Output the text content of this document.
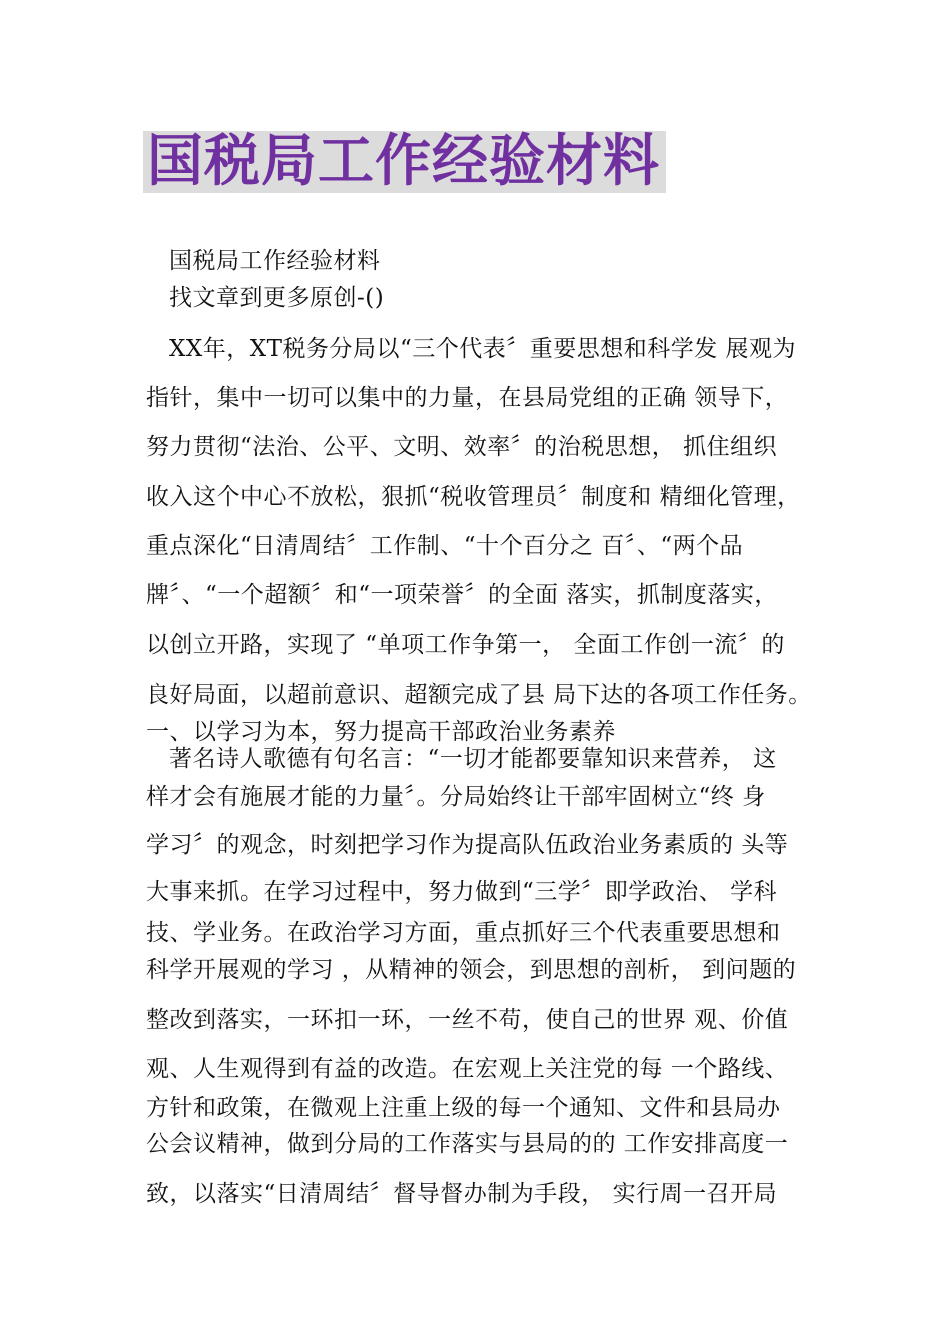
国税局工作经验材料
国税局工作经验材料
找文章到更多原创-()
XX年，XT税务分局以“三个代表〞重要思想和科学发 展观为
指针，集中一切可以集中的力量，在县局党组的正确 领导下，
努力贯彻“法治、公平、文明、效率〞的治税思想， 抓住组织
收入这个中心不放松，狠抓“税收管理员〞制度和 精细化管理，
重点深化“日清周结〞工作制、“十个百分之 百〞、“两个品
牌〞、“一个超额〞和“一项荣誉〞的全面 落实，抓制度落实，
以创立开路，实现了 “单项工作争第一， 全面工作创一流〞的
良好局面，以超前意识、超额完成了县 局下达的各项工作任务。
一、以学习为本，努力提高干部政治业务素养
著名诗人歌德有句名言：“一切才能都要靠知识来营养， 这
样才会有施展才能的力量〞。分局始终让干部牢固树立“终 身
学习〞的观念，时刻把学习作为提高队伍政治业务素质的 头等
大事来抓。在学习过程中，努力做到“三学〞即学政治、 学科
技、学业务。在政治学习方面，重点抓好三个代表重要思想和
科学开展观的学习 ，从精神的领会，到思想的剖析， 到问题的
整改到落实，一环扣一环，一丝不苟，使自己的世界 观、价值
观、人生观得到有益的改造。在宏观上关注党的每 一个路线、
方针和政策，在微观上注重上级的每一个通知、文件和县局办
公会议精神，做到分局的工作落实与县局的的 工作安排高度一
致，以落实“日清周结〞督导督办制为手段， 实行周一召开局
